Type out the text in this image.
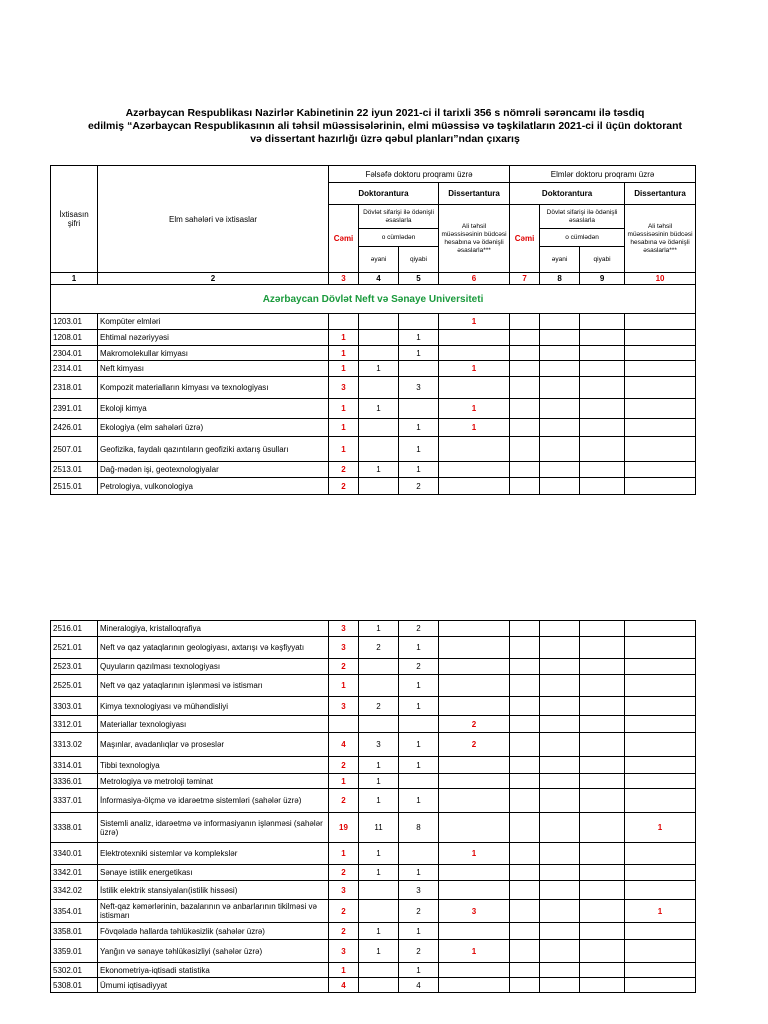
Azərbaycan Respublikası Nazirlər Kabinetinin 22 iyun 2021-ci il tarixli 356 s nömrəli sərəncamı ilə təsdiq
edilmiş “Azərbaycan Respublikasının ali təhsil müəssisələrinin, elmi müəssisə və təşkilatların 2021-ci il üçün doktorant
və dissertant hazırlığı üzrə qəbul planları”ndan çıxarış
İxtisasın şifri	Elm sahələri və ixtisaslar	Fəlsəfə doktoru proqramı üzrə				Elmlər doktoru proqramı üzrə			
		Doktorantura			Dissertantura	Doktorantura			Dissertantura
		Cəmi	Dövlət sifarişi ilə ödənişli əsaslarla		Ali təhsil müəssisəsinin büdcəsi hesabına və ödənişli əsaslarla***	Cəmi	Dövlət sifarişi ilə ödənişli əsaslarla		Ali təhsil müəssisəsinin büdcəsi hesabına və ödənişli əsaslarla***
			o cümlədən				o cümlədən		
			əyani	qiyabi			əyani	qiyabi	
1	2	3	4	5	6	7	8	9	10
Azərbaycan Dövlət Neft və Sənaye Universiteti									
1203.01	Kompüter elmləri				1				
1208.01	Ehtimal nəzəriyyəsi	1		1					
2304.01	Makromolekullar kimyası	1		1					
2314.01	Neft kimyası	1	1		1				
2318.01	Kompozit materialların kimyası və texnologiyası	3		3					
2391.01	Ekoloji kimya	1	1		1				
2426.01	Ekologiya (elm sahələri üzrə)	1		1	1				
2507.01	Geofizika, faydalı qazıntıların geofiziki axtarış üsulları	1		1					
2513.01	Dağ-mədən işi, geotexnologiyalar	2	1	1					
2515.01	Petrologiya, vulkonologiya	2		2					
2516.01	Mineralogiya, kristalloqrafiya	3	1	2					
2521.01	Neft və qaz yataqlarının geologiyası, axtarışı və kəşfiyyatı	3	2	1					
2523.01	Quyuların qazılması texnologiyası	2		2					
2525.01	Neft və qaz yataqlarının işlənməsi və istismarı	1		1					
3303.01	Kimya texnologiyası və mühəndisliyi	3	2	1					
3312.01	Materiallar texnologiyası				2				
3313.02	Maşınlar, avadanlıqlar və proseslər	4	3	1	2				
3314.01	Tibbi texnologiya	2	1	1					
3336.01	Metrologiya və metroloji təminat	1	1						
3337.01	İnformasiya-ölçmə və idarəetmə sistemləri (sahələr üzrə)	2	1	1					
3338.01	Sistemli analiz, idarəetmə və informasiyanın işlənməsi (sahələr üzrə)	19	11	8					1
3340.01	Elektrotexniki sistemlər və komplekslər	1	1		1				
3342.01	Sənaye istilik energetikası	2	1	1					
3342.02	İstilik elektrik stansiyaları(istilik hissəsi)	3		3					
3354.01	Neft-qaz kəmərlərinin, bazalarının və anbarlarının tikilməsi və istismarı	2		2	3				1
3358.01	Fövqəladə hallarda təhlükəsizlik (sahələr üzrə)	2	1	1					
3359.01	Yanğın və sənaye təhlükəsizliyi (sahələr üzrə)	3	1	2	1				
5302.01	Ekonometriya-iqtisadi statistika	1		1					
5308.01	Ümumi iqtisadiyyat	4		4					
